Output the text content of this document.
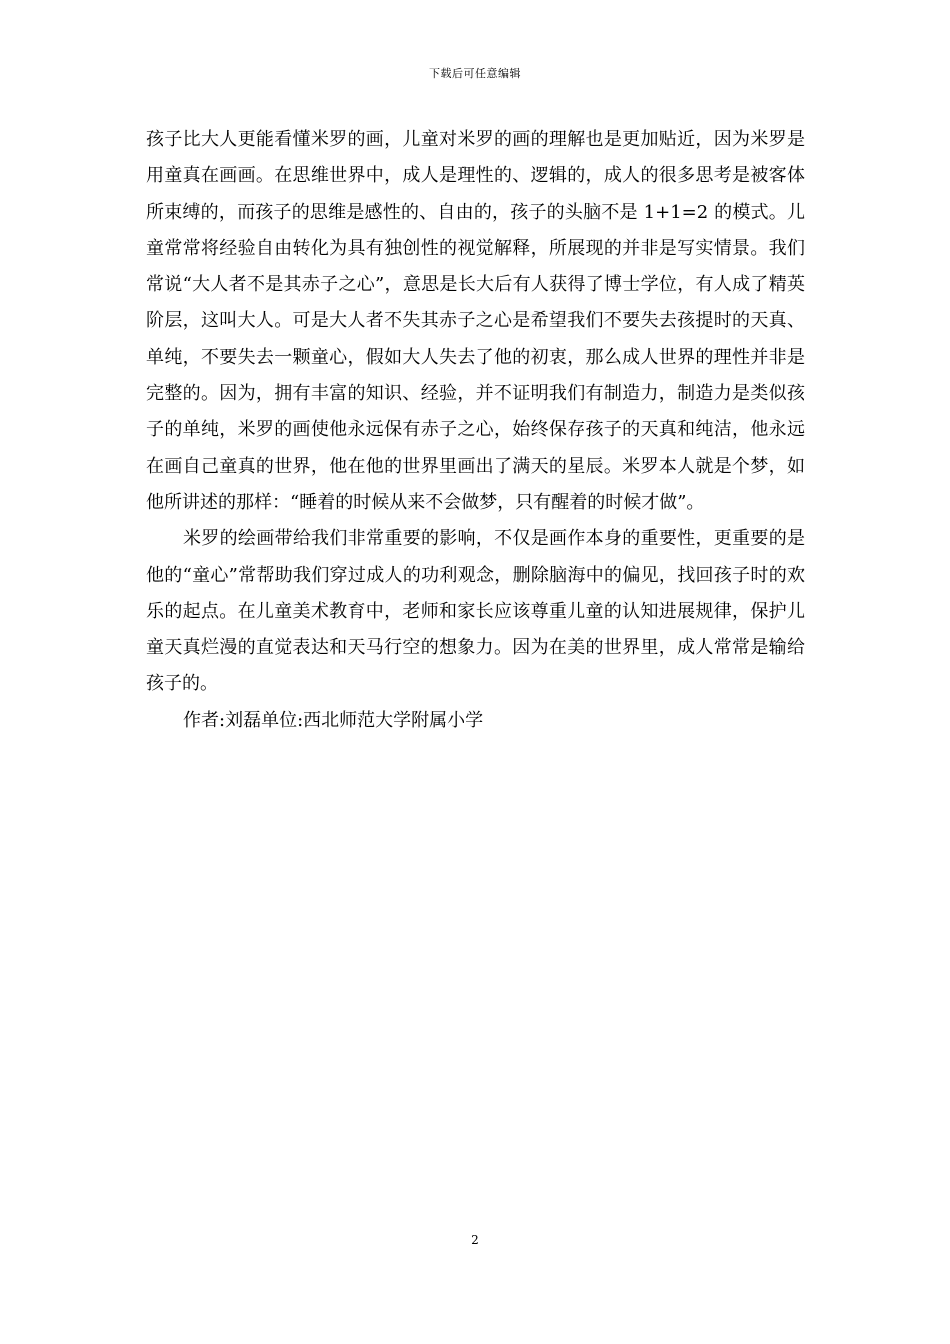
下载后可任意编辑

孩子比大人更能看懂米罗的画，儿童对米罗的画的理解也是更加贴近，因为米罗是用童真在画画。在思维世界中，成人是理性的、逻辑的，成人的很多思考是被客体所束缚的，而孩子的思维是感性的、自由的，孩子的头脑不是 1+1=2 的模式。儿童常常将经验自由转化为具有独创性的视觉解释，所展现的并非是写实情景。我们常说“大人者不是其赤子之心”，意思是长大后有人获得了博士学位，有人成了精英阶层，这叫大人。可是大人者不失其赤子之心是希望我们不要失去孩提时的天真、单纯，不要失去一颗童心，假如大人失去了他的初衷，那么成人世界的理性并非是完整的。因为，拥有丰富的知识、经验，并不证明我们有制造力，制造力是类似孩子的单纯，米罗的画使他永远保有赤子之心，始终保存孩子的天真和纯洁，他永远在画自己童真的世界，他在他的世界里画出了满天的星辰。米罗本人就是个梦，如他所讲述的那样：“睡着的时候从来不会做梦，只有醒着的时候才做”。

米罗的绘画带给我们非常重要的影响，不仅是画作本身的重要性，更重要的是他的“童心”常帮助我们穿过成人的功利观念，删除脑海中的偏见，找回孩子时的欢乐的起点。在儿童美术教育中，老师和家长应该尊重儿童的认知进展规律，保护儿童天真烂漫的直觉表达和天马行空的想象力。因为在美的世界里，成人常常是输给孩子的。

作者:刘磊单位:西北师范大学附属小学

2
